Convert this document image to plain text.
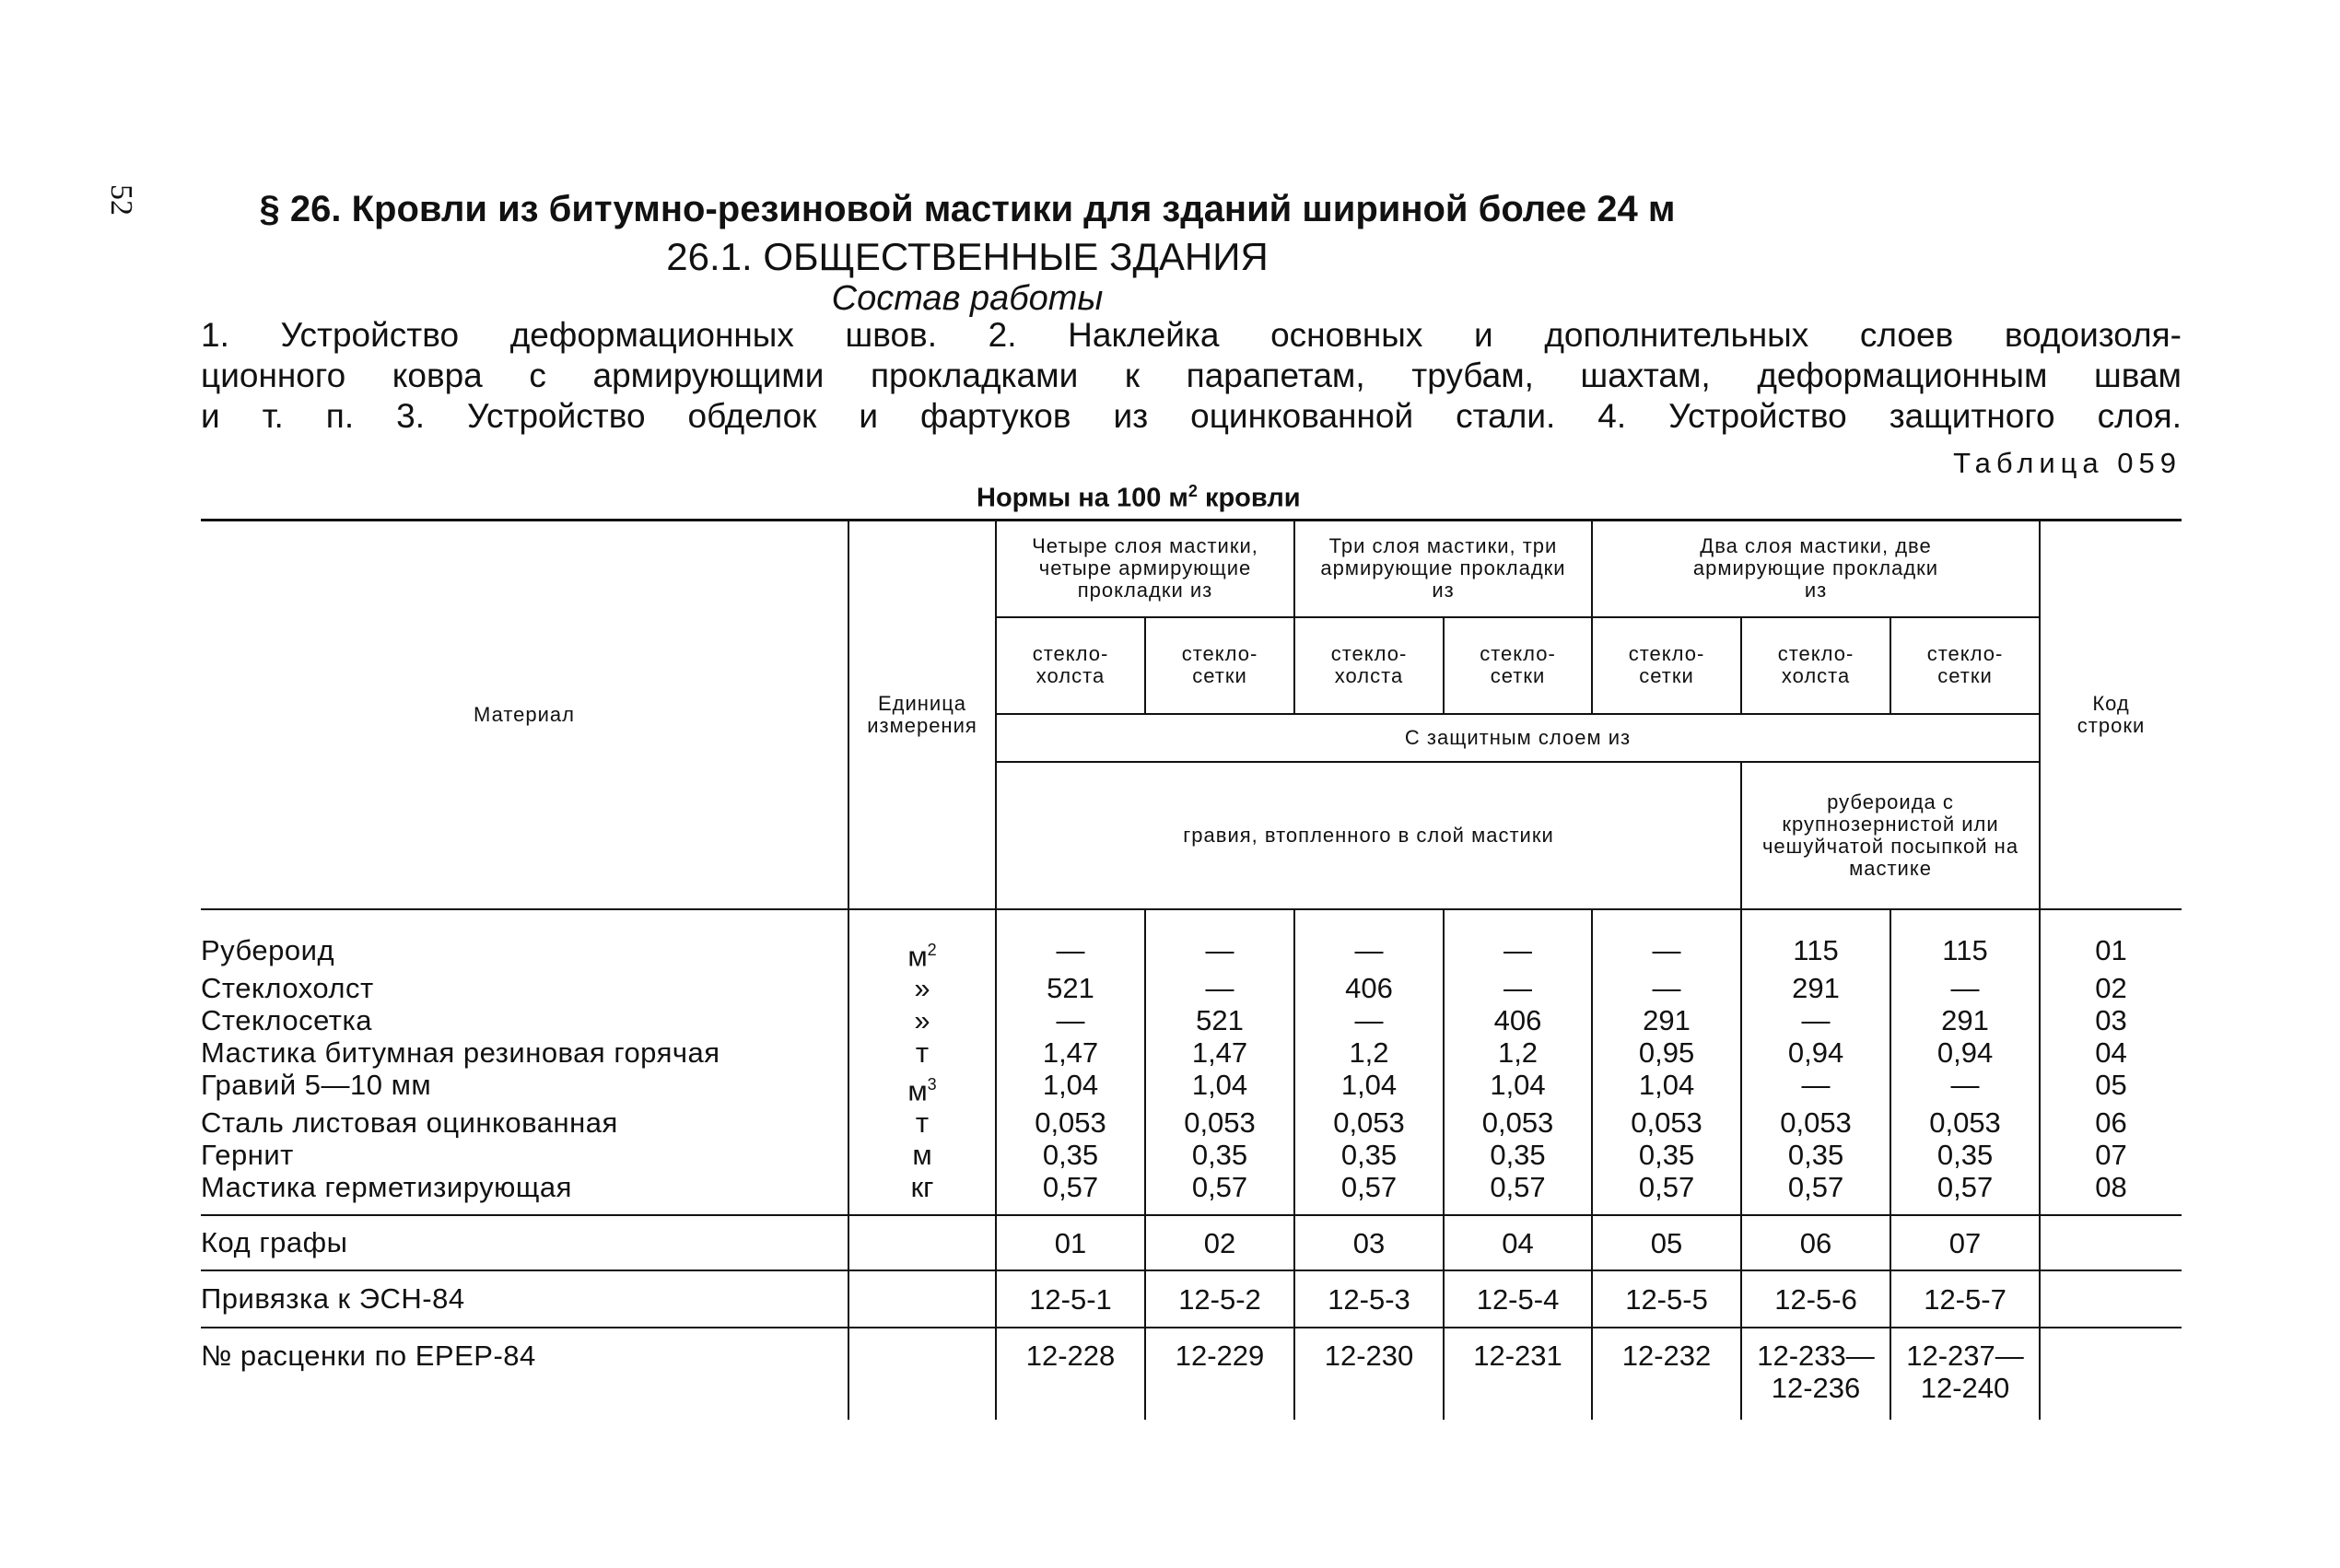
52	§ 26. Кровли из битумно-резиновой мастики для зданий шириной более 24 м
26.1. ОБЩЕСТВЕННЫЕ ЗДАНИЯ
Состав работы
1. Устройство деформационных швов. 2. Наклейка основных и дополнительных слоев водоизоля-
ционного ковра с армирующими прокладками к парапетам, трубам, шахтам, деформационным швам
и т. п. 3. Устройство обделок и фартуков из оцинкованной стали. 4. Устройство защитного слоя.
Таблица 059
Нормы на 100 $м^2$ кровли
Материал	Единица измерения	Четыре слоя мастики, четыре армирующие прокладки из		Три слоя мастики, три армирующие прокладки из		Два слоя мастики, две армирующие прокладки из			Код строки
		стекло-холста	стекло-сетки	стекло-холста	стекло-сетки	стекло-сетки	стекло-холста	стекло-сетки	
		С защитным слоем из							
		гравия, втопленного в слой мастики					рубероида с крупнозернистой или чешуйчатой посыпкой на мастике		
Рубероид	$м^2$	—	—	—	—	—	115	115	01
Стеклохолст	»	521	—	406	—	—	291	—	02
Стеклосетка	»	—	521	—	406	291	—	291	03
Мастика битумная резиновая горячая	т	1,47	1,47	1,2	1,2	0,95	0,94	0,94	04
Гравий 5—10 мм	$м^3$	1,04	1,04	1,04	1,04	1,04	—	—	05
Сталь листовая оцинкованная	т	0,053	0,053	0,053	0,053	0,053	0,053	0,053	06
Гернит	м	0,35	0,35	0,35	0,35	0,35	0,35	0,35	07
Мастика герметизирующая	кг	0,57	0,57	0,57	0,57	0,57	0,57	0,57	08
Код графы		01	02	03	04	05	06	07	
Привязка к ЭСН-84		12-5-1	12-5-2	12-5-3	12-5-4	12-5-5	12-5-6	12-5-7	
№ расценки по ЕРЕР-84		12-228	12-229	12-230	12-231	12-232	12-233— 12-236	12-237— 12-240	
